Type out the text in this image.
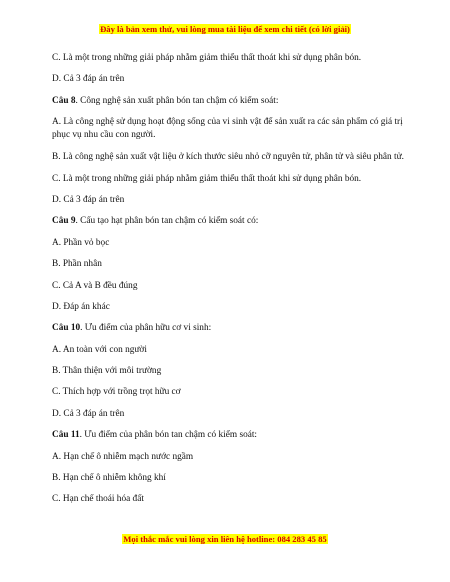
Đây là bản xem thử, vui lòng mua tài liệu để xem chi tiết (có lời giải)

C. Là một trong những giải pháp nhằm giảm thiểu thất thoát khi sử dụng phân bón.

D. Cả 3 đáp án trên

Câu 8. Công nghệ sản xuất phân bón tan chậm có kiểm soát:

A. Là công nghệ sử dụng hoạt động sống của vi sinh vật để sản xuất ra các sản phẩm có giá trị phục vụ nhu cầu con người.

B. Là công nghệ sản xuất vật liệu ở kích thước siêu nhỏ cỡ nguyên tử, phân tử và siêu phân tử.

C. Là một trong những giải pháp nhằm giảm thiểu thất thoát khi sử dụng phân bón.

D. Cả 3 đáp án trên

Câu 9. Cấu tạo hạt phân bón tan chậm có kiểm soát có:

A. Phần vỏ bọc

B. Phần nhân

C. Cả A và B đều đúng

D. Đáp án khác

Câu 10. Ưu điểm của phân hữu cơ vi sinh:

A. An toàn với con người

B. Thân thiện với môi trường

C. Thích hợp với trồng trọt hữu cơ

D. Cả 3 đáp án trên

Câu 11. Ưu điểm của phân bón tan chậm có kiểm soát:

A. Hạn chế ô nhiễm mạch nước ngầm

B. Hạn chế ô nhiễm không khí

C. Hạn chế thoái hóa đất

Mọi thắc mắc vui lòng xin liên hệ hotline: 084 283 45 85
